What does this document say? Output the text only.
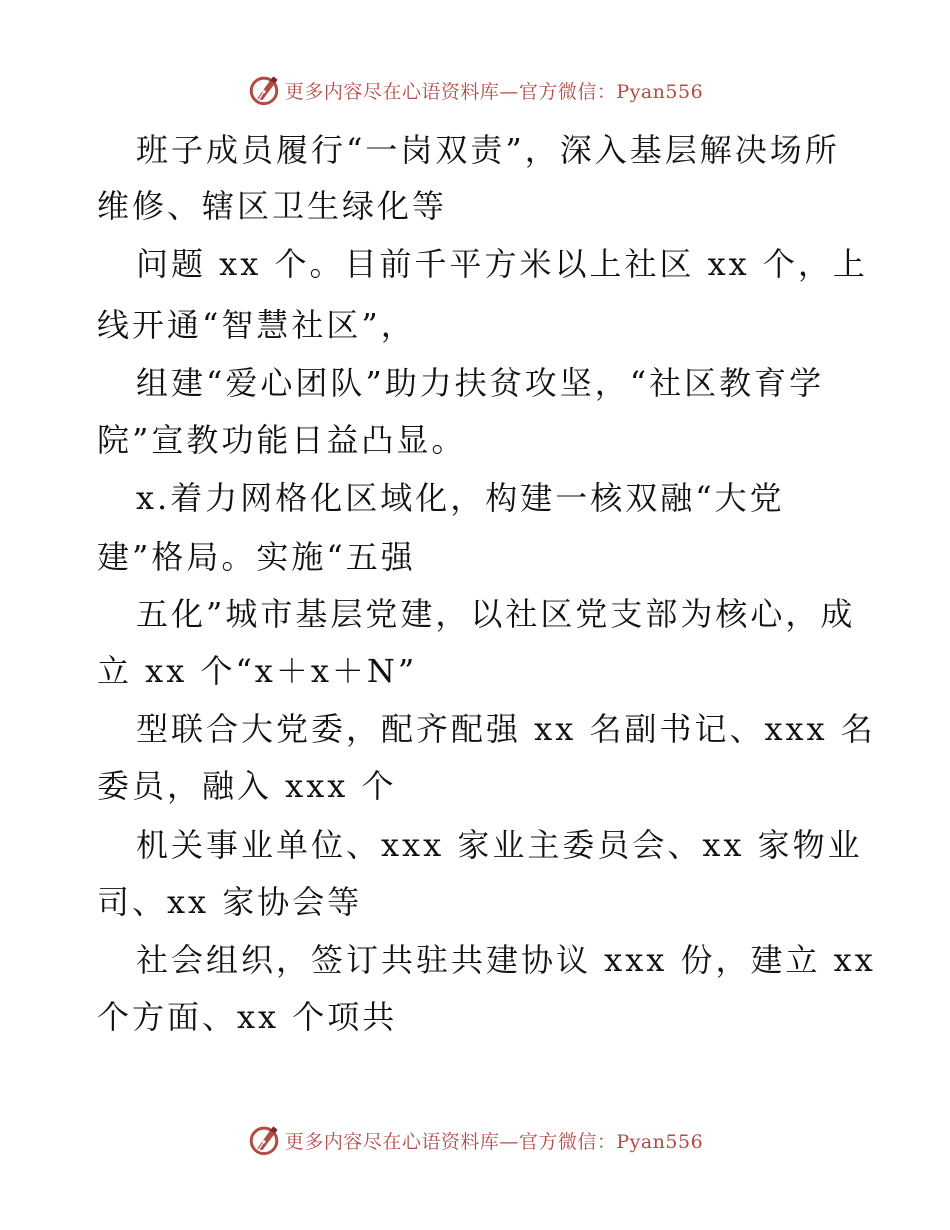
更多内容尽在心语资料库—官方微信：Pyan556
班子成员履行“一岗双责”，深入基层解决场所
维修、辖区卫生绿化等
问题 xx 个。目前千平方米以上社区 xx 个，上
线开通“智慧社区”，
组建“爱心团队”助力扶贫攻坚，“社区教育学
院”宣教功能日益凸显。
x.着力网格化区域化，构建一核双融“大党
建”格局。实施“五强
五化”城市基层党建，以社区党支部为核心，成
立 xx 个“x＋x＋N”
型联合大党委，配齐配强 xx 名副书记、xxx 名
委员，融入 xxx 个
机关事业单位、xxx 家业主委员会、xx 家物业
司、xx 家协会等
社会组织，签订共驻共建协议 xxx 份，建立 xx
个方面、xx 个项共
更多内容尽在心语资料库—官方微信：Pyan556
